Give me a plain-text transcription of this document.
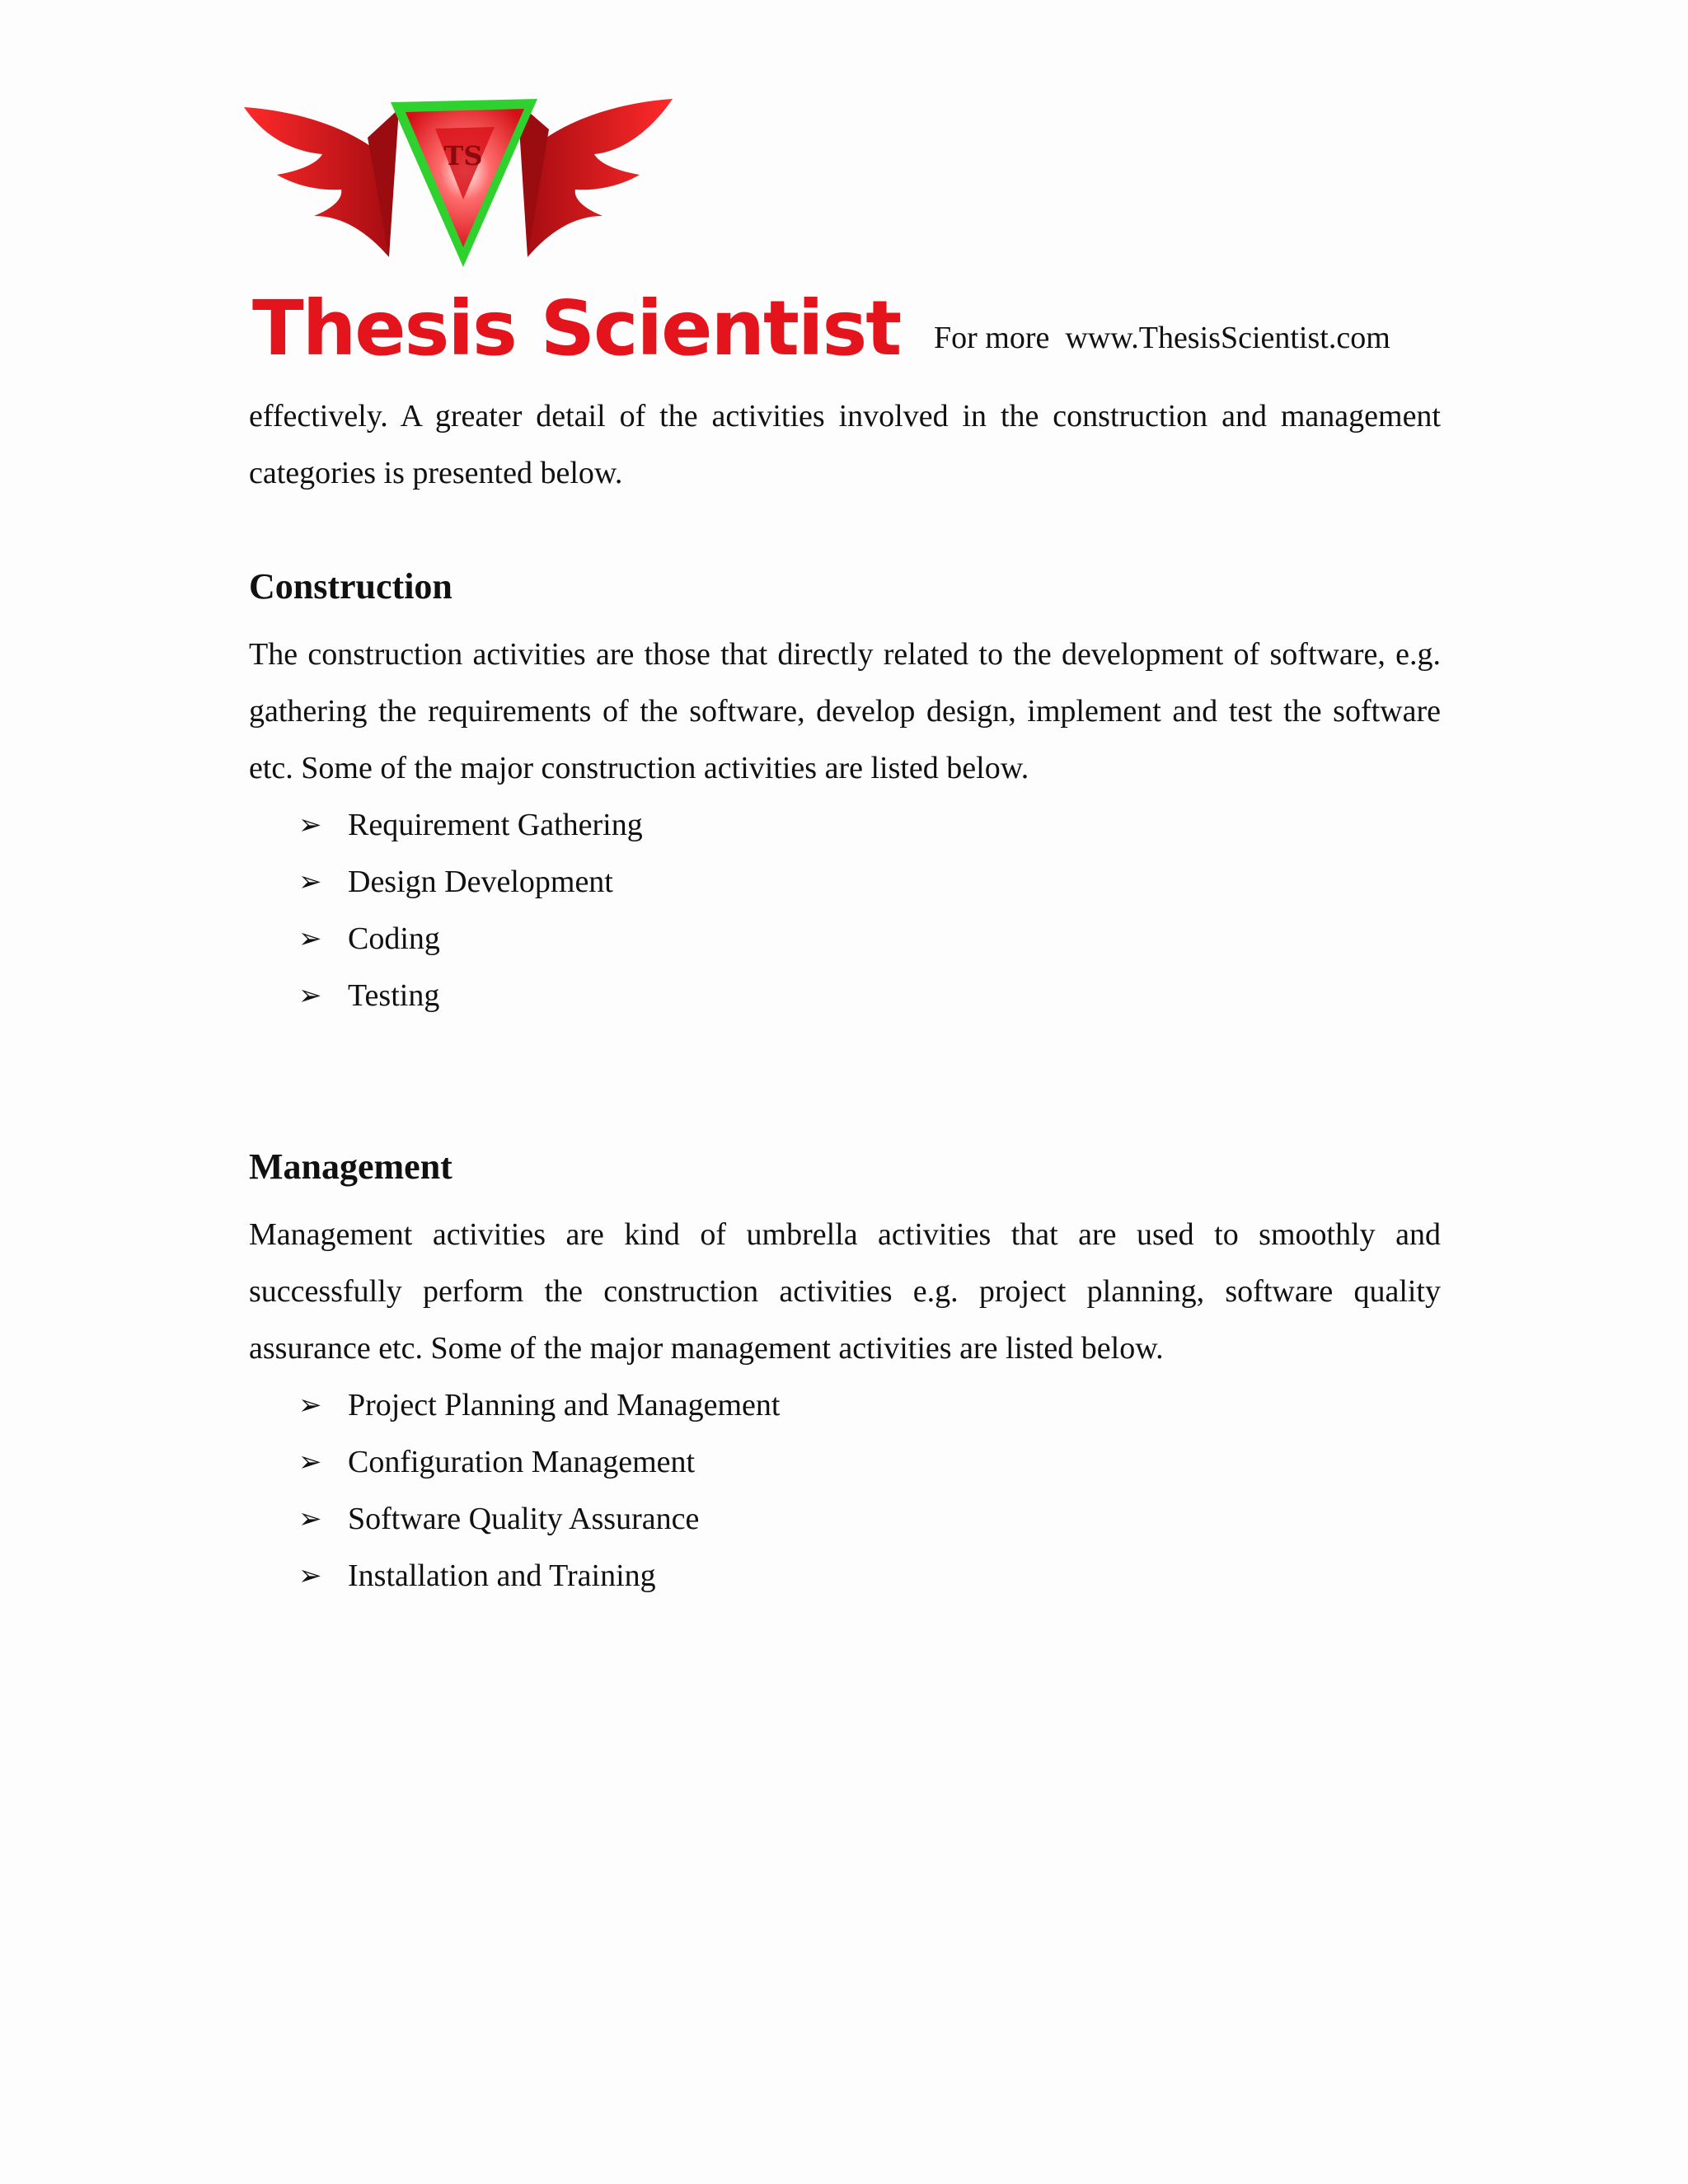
TS
Thesis Scientist For more  www.ThesisScientist.com

effectively. A greater detail of the activities involved in the construction and management categories is presented below.

Construction

The construction activities are those that directly related to the development of software, e.g. gathering the requirements of the software, develop design, implement and test the software etc. Some of the major construction activities are listed below.

➢ Requirement Gathering
➢ Design Development
➢ Coding
➢ Testing
Management

Management activities are kind of umbrella activities that are used to smoothly and successfully perform the construction activities e.g. project planning, software quality assurance etc. Some of the major management activities are listed below.

➢ Project Planning and Management
➢ Configuration Management
➢ Software Quality Assurance
➢ Installation and Training
